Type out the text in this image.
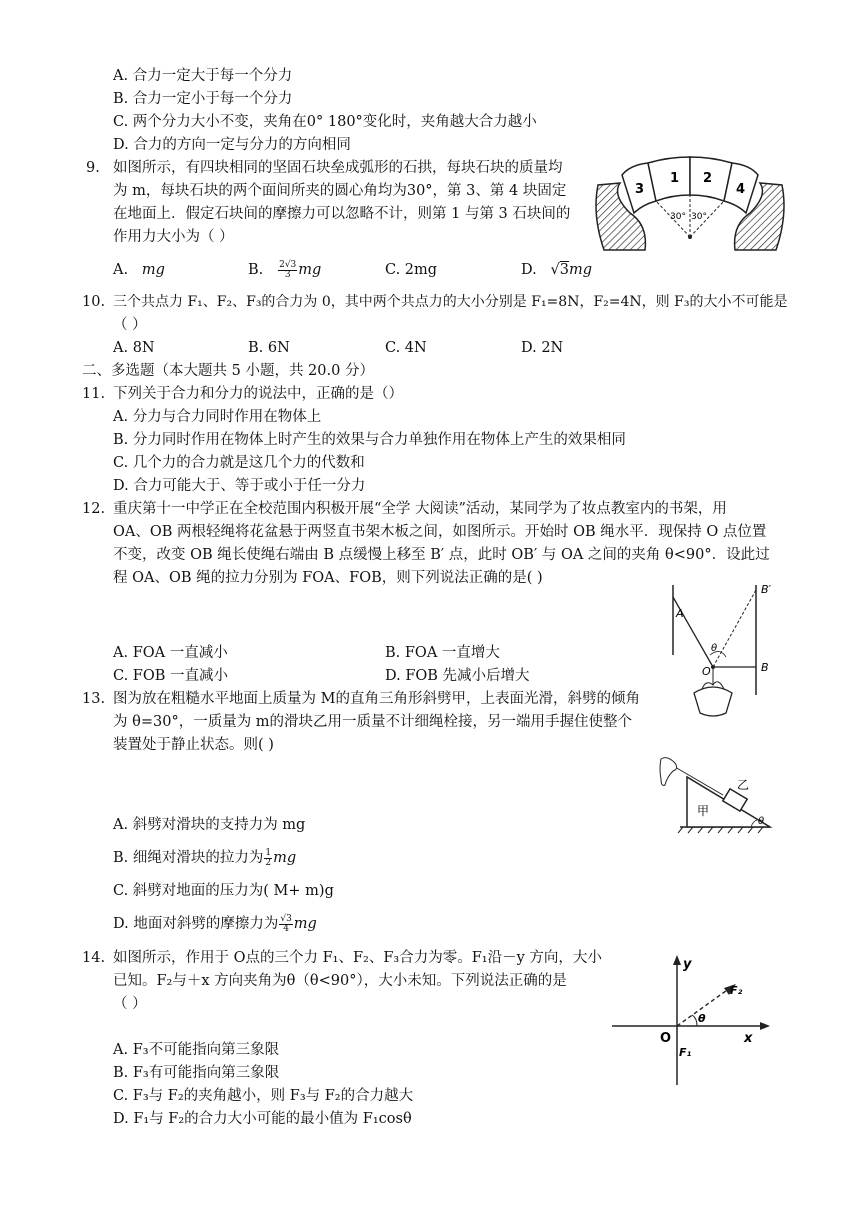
A. 合力一定大于每一个分力
B. 合力一定小于每一个分力
C. 两个分力大小不变，夹角在0° 180°变化时，夹角越大合力越小
D. 合力的方向一定与分力的方向相同
9. 如图所示，有四块相同的坚固石块垒成弧形的石拱，每块石块的质量均
为 m，每块石块的两个面间所夹的圆心角均为30°，第 3、第 4 块固定
在地面上．假定石块间的摩擦力可以忽略不计，则第 1 与第 3 石块间的
作用力大小为（ ）
A. mg	B. $\frac{2√3}{3}$ mg	C. 2mg	D.   √3mg
3
1 2
4
30° 30°
10. 三个共点力 F₁、F₂、F₃的合力为 0，其中两个共点力的大小分别是 F₁=8N，F₂=4N，则 F₃的大小不可能是
（ ）
A. 8N	B. 6N	C. 4N	D. 2N
二、多选题（本大题共 5 小题，共 20.0 分）
11. 下列关于合力和分力的说法中，正确的是（）
A. 分力与合力同时作用在物体上
B. 分力同时作用在物体上时产生的效果与合力单独作用在物体上产生的效果相同
C. 几个力的合力就是这几个力的代数和
D. 合力可能大于、等于或小于任一分力
12. 重庆第十一中学正在全校范围内积极开展“全学 大阅读”活动，某同学为了妆点教室内的书架，用
OA、OB 两根轻绳将花盆悬于两竖直书架木板之间，如图所示。开始时 OB 绳水平．现保持 O 点位置
不变，改变 OB 绳长使绳右端由 B 点缓慢上移至 B′ 点，此时 OB′ 与 OA 之间的夹角 θ<90°．设此过
程 OA、OB 绳的拉力分别为 FOA、FOB，则下列说法正确的是( )
A. FOA 一直减小	B. FOA 一直增大
C. FOB 一直减小	D. FOB 先减小后增大
A
B′
B
O
θ
13. 图为放在粗糙水平地面上质量为 M的直角三角形斜劈甲，上表面光滑，斜劈的倾角
为 θ=30°，一质量为 m的滑块乙用一质量不计细绳栓接，另一端用手握住使整个
装置处于静止状态。则( )
A. 斜劈对滑块的支持力为 mg
B. 细绳对滑块的拉力为 $\frac{1}{2}$ mg
C. 斜劈对地面的压力为( M+ m)g
D. 地面对斜劈的摩擦力为 $\frac{√3}{4}$ mg
甲
乙
θ
14. 如图所示，作用于 O点的三个力 F₁、F₂、F₃合力为零。F₁沿－y 方向，大小
已知。F₂与＋x 方向夹角为θ（θ<90°），大小未知。下列说法正确的是
（ ）
A. F₃不可能指向第三象限
B. F₃有可能指向第三象限
C. F₃与 F₂的夹角越小，则 F₃与 F₂的合力越大
D. F₁与 F₂的合力大小可能的最小值为 F₁cosθ
y
x
O
F₂
F₁
θ
